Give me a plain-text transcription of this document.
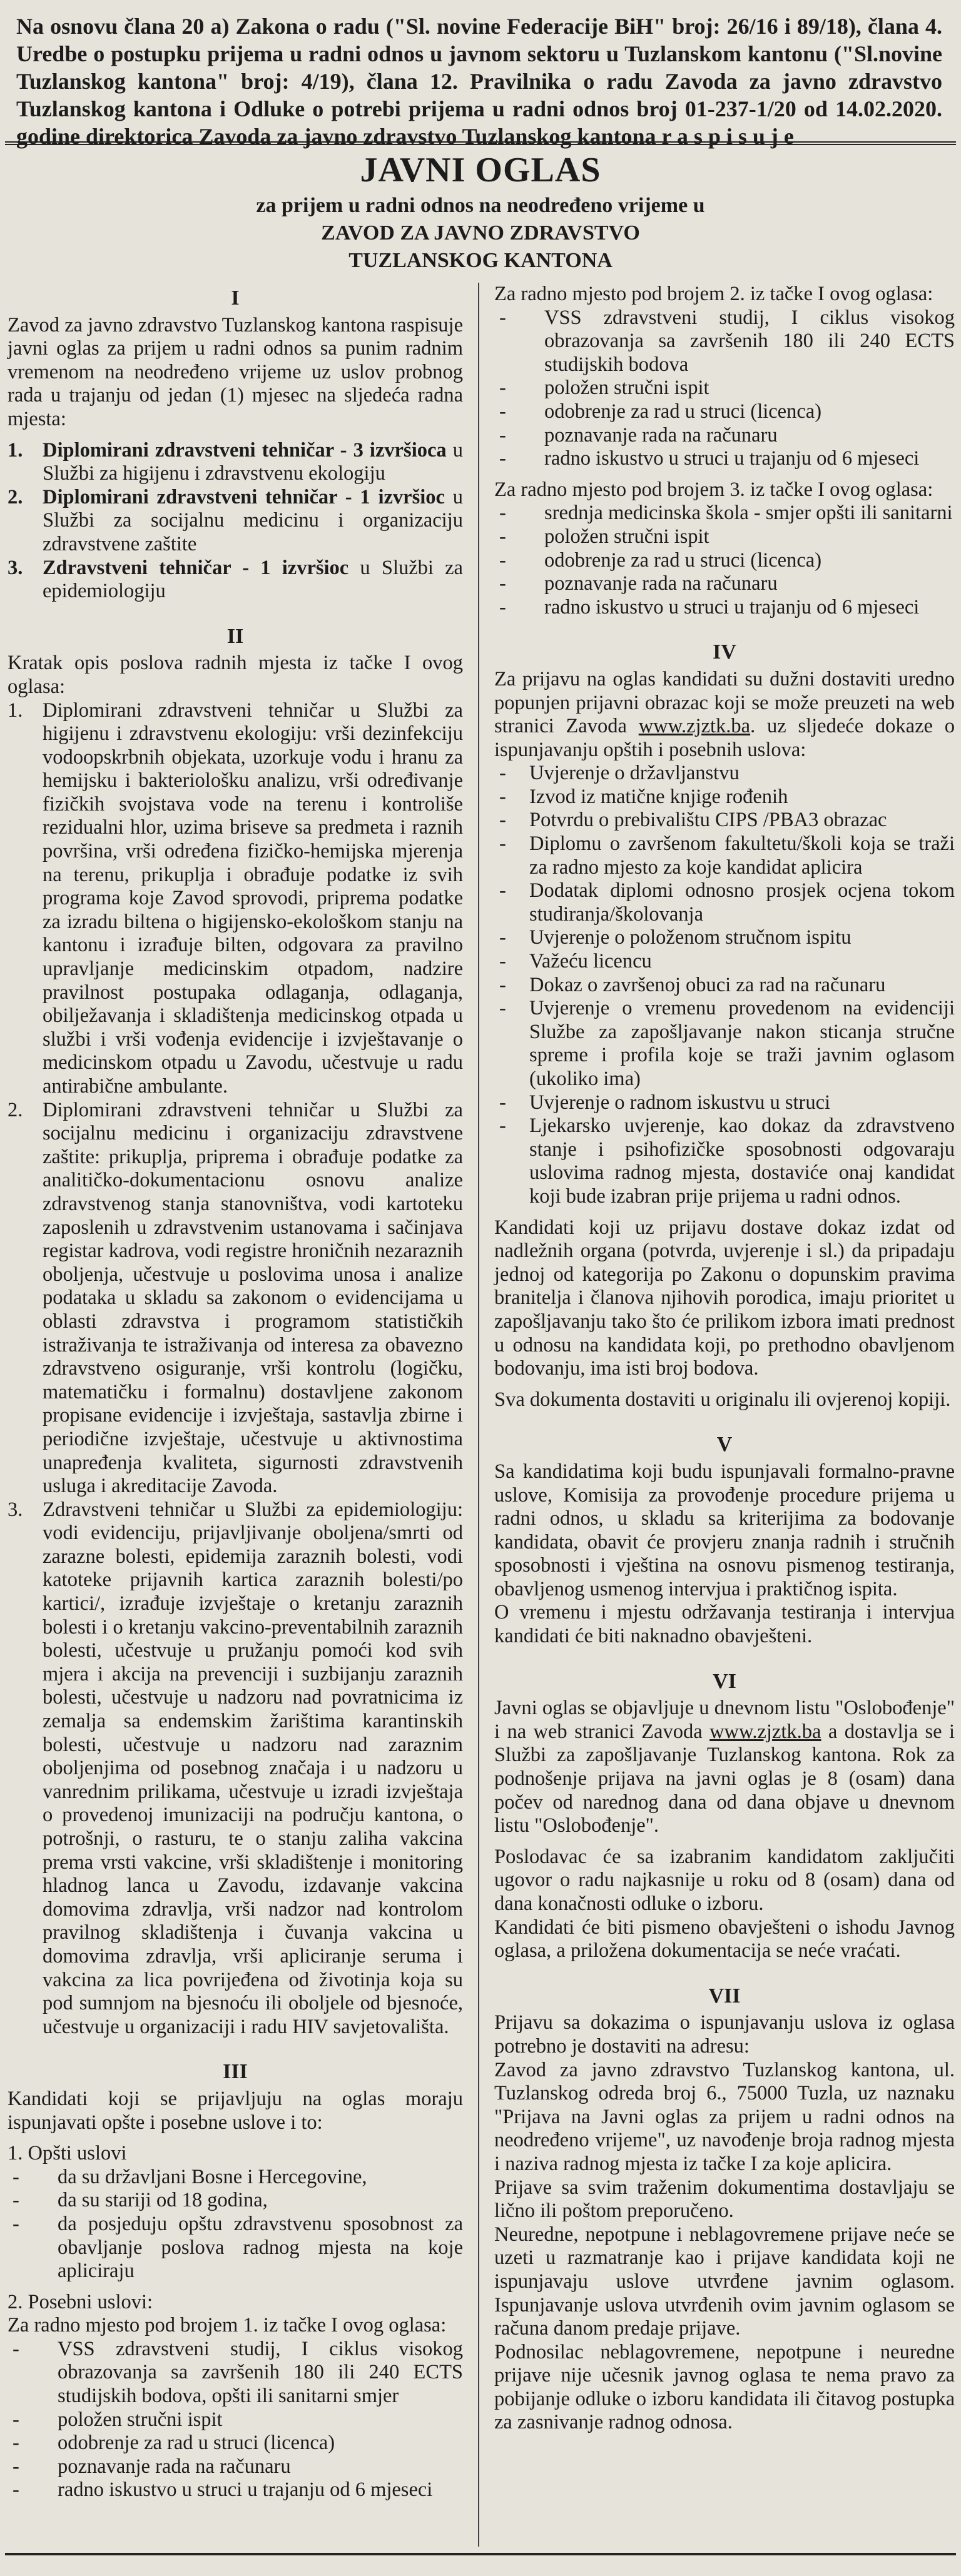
Na osnovu člana 20 a) Zakona o radu ("Sl. novine Federacije BiH" broj: 26/16 i 89/18), člana 4. Uredbe o postupku prijema u radni odnos u javnom sektoru u Tuzlanskom kantonu ("Sl.novine Tuzlanskog kantona" broj: 4/19), člana 12. Pravilnika o radu Zavoda za javno zdravstvo Tuzlanskog kantona i Odluke o potrebi prijema u radni odnos broj 01-237-1/20 od 14.02.2020. godine direktorica Zavoda za javno zdravstvo Tuzlanskog kantona r a s p i s u j e
JAVNI OGLAS

za prijem u radni odnos na neodređeno vrijeme u

ZAVOD ZA JAVNO ZDRAVSTVO

TUZLANSKOG KANTONA

I

Zavod za javno zdravstvo Tuzlanskog kantona raspisuje javni oglas za prijem u radni odnos sa punim radnim vremenom na neodređeno vrijeme uz uslov probnog rada u trajanju od jedan (1) mjesec na sljedeća radna mjesta:

1. Diplomirani zdravstveni tehničar - 3 izvršioca u Službi za higijenu i zdravstvenu ekologiju
2. Diplomirani zdravstveni tehničar - 1 izvršioc u Službi za socijalnu medicinu i organizaciju zdravstvene zaštite
3. Zdravstveni tehničar - 1 izvršioc u Službi za epidemiologiju
II

Kratak opis poslova radnih mjesta iz tačke I ovog oglasa:

1. Diplomirani zdravstveni tehničar u Službi za higijenu i zdravstvenu ekologiju: vrši dezinfekciju vodoopskrbnih objekata, uzorkuje vodu i hranu za hemijsku i bakteriološku analizu, vrši određivanje fizičkih svojstava vode na terenu i kontroliše rezidualni hlor, uzima briseve sa predmeta i raznih površina, vrši određena fizičko-hemijska mjerenja na terenu, prikuplja i obrađuje podatke iz svih programa koje Zavod sprovodi, priprema podatke za izradu biltena o higijensko-ekološkom stanju na kantonu i izrađuje bilten, odgovara za pravilno upravljanje medicinskim otpadom, nadzire pravilnost postupaka odlaganja, odlaganja, obilježavanja i skladištenja medicinskog otpada u službi i vrši vođenja evidencije i izvještavanje o medicinskom otpadu u Zavodu, učestvuje u radu antirabične ambulante.
2. Diplomirani zdravstveni tehničar u Službi za socijalnu medicinu i organizaciju zdravstvene zaštite: prikuplja, priprema i obrađuje podatke za analitičko-dokumentacionu osnovu analize zdravstvenog stanja stanovništva, vodi kartoteku zaposlenih u zdravstvenim ustanovama i sačinjava registar kadrova, vodi registre hroničnih nezaraznih oboljenja, učestvuje u poslovima unosa i analize podataka u skladu sa zakonom o evidencijama u oblasti zdravstva i programom statističkih istraživanja te istraživanja od interesa za obavezno zdravstveno osiguranje, vrši kontrolu (logičku, matematičku i formalnu) dostavljene zakonom propisane evidencije i izvještaja, sastavlja zbirne i periodične izvještaje, učestvuje u aktivnostima unapređenja kvaliteta, sigurnosti zdravstvenih usluga i akreditacije Zavoda.
3. Zdravstveni tehničar u Službi za epidemiologiju: vodi evidenciju, prijavljivanje oboljena/smrti od zarazne bolesti, epidemija zaraznih bolesti, vodi katoteke prijavnih kartica zaraznih bolesti/po kartici/, izrađuje izvještaje o kretanju zaraznih bolesti i o kretanju vakcino-preventabilnih zaraznih bolesti, učestvuje u pružanju pomoći kod svih mjera i akcija na prevenciji i suzbijanju zaraznih bolesti, učestvuje u nadzoru nad povratnicima iz zemalja sa endemskim žarištima karantinskih bolesti, učestvuje u nadzoru nad zaraznim oboljenjima od posebnog značaja i u nadzoru u vanrednim prilikama, učestvuje u izradi izvještaja o provedenoj imunizaciji na području kantona, o potrošnji, o rasturu, te o stanju zaliha vakcina prema vrsti vakcine, vrši skladištenje i monitoring hladnog lanca u Zavodu, izdavanje vakcina domovima zdravlja, vrši nadzor nad kontrolom pravilnog skladištenja i čuvanja vakcina u domovima zdravlja, vrši apliciranje seruma i vakcina za lica povrijeđena od životinja koja su pod sumnjom na bjesnoću ili oboljele od bjesnoće, učestvuje u organizaciji i radu HIV savjetovališta.
III

Kandidati koji se prijavljuju na oglas moraju ispunjavati opšte i posebne uslove i to:

1. Opšti uslovi

-	da su državljani Bosne i Hercegovine,
-	da su stariji od 18 godina,
-	da posjeduju opštu zdravstvenu sposobnost za obavljanje poslova radnog mjesta na koje apliciraju

2. Posebni uslovi:

Za radno mjesto pod brojem 1. iz tačke I ovog oglasa:

-	VSS zdravstveni studij, I ciklus visokog obrazovanja sa završenih 180 ili 240 ECTS studijskih bodova, opšti ili sanitarni smjer
-	položen stručni ispit
-	odobrenje za rad u struci (licenca)
-	poznavanje rada na računaru
-	radno iskustvo u struci u trajanju od 6 mjeseci

Za radno mjesto pod brojem 2. iz tačke I ovog oglasa:

-	VSS zdravstveni studij, I ciklus visokog obrazovanja sa završenih 180 ili 240 ECTS studijskih bodova
-	položen stručni ispit
-	odobrenje za rad u struci (licenca)
-	poznavanje rada na računaru
-	radno iskustvo u struci u trajanju od 6 mjeseci

Za radno mjesto pod brojem 3. iz tačke I ovog oglasa:

-	srednja medicinska škola - smjer opšti ili sanitarni
-	položen stručni ispit
-	odobrenje za rad u struci (licenca)
-	poznavanje rada na računaru
-	radno iskustvo u struci u trajanju od 6 mjeseci
IV

Za prijavu na oglas kandidati su dužni dostaviti uredno popunjen prijavni obrazac koji se može preuzeti na web stranici Zavoda www.zjztk.ba. uz sljedeće dokaze o ispunjavanju opštih i posebnih uslova:

-	Uvjerenje o državljanstvu
-	Izvod iz matične knjige rođenih
-	Potvrdu o prebivalištu CIPS /PBA3 obrazac
-	Diplomu o završenom fakultetu/školi koja se traži za radno mjesto za koje kandidat aplicira
-	Dodatak diplomi odnosno prosjek ocjena tokom studiranja/školovanja
-	Uvjerenje o položenom stručnom ispitu
-	Važeću licencu
-	Dokaz o završenoj obuci za rad na računaru
-	Uvjerenje o vremenu provedenom na evidenciji Službe za zapošljavanje nakon sticanja stručne spreme i profila koje se traži javnim oglasom (ukoliko ima)
-	Uvjerenje o radnom iskustvu u struci
-	Ljekarsko uvjerenje, kao dokaz da zdravstveno stanje i psihofizičke sposobnosti odgovaraju uslovima radnog mjesta, dostaviće onaj kandidat koji bude izabran prije prijema u radni odnos.

Kandidati koji uz prijavu dostave dokaz izdat od nadležnih organa (potvrda, uvjerenje i sl.) da pripadaju jednoj od kategorija po Zakonu o dopunskim pravima branitelja i članova njihovih porodica, imaju prioritet u zapošljavanju tako što će prilikom izbora imati prednost u odnosu na kandidata koji, po prethodno obavljenom bodovanju, ima isti broj bodova.

Sva dokumenta dostaviti u originalu ili ovjerenoj kopiji.

V

Sa kandidatima koji budu ispunjavali formalno-pravne uslove, Komisija za provođenje procedure prijema u radni odnos, u skladu sa kriterijima za bodovanje kandidata, obavit će provjeru znanja radnih i stručnih sposobnosti i vještina na osnovu pismenog testiranja, obavljenog usmenog intervjua i praktičnog ispita.

O vremenu i mjestu održavanja testiranja i intervjua kandidati će biti naknadno obavješteni.

VI

Javni oglas se objavljuje u dnevnom listu "Oslobođenje" i na web stranici Zavoda www.zjztk.ba a dostavlja se i Službi za zapošljavanje Tuzlanskog kantona. Rok za podnošenje prijava na javni oglas je 8 (osam) dana počev od narednog dana od dana objave u dnevnom listu "Oslobođenje".

Poslodavac će sa izabranim kandidatom zaključiti ugovor o radu najkasnije u roku od 8 (osam) dana od dana konačnosti odluke o izboru.

Kandidati će biti pismeno obavješteni o ishodu Javnog oglasa, a priložena dokumentacija se neće vraćati.

VII

Prijavu sa dokazima o ispunjavanju uslova iz oglasa potrebno je dostaviti na adresu:

Zavod za javno zdravstvo Tuzlanskog kantona, ul. Tuzlanskog odreda broj 6., 75000 Tuzla, uz naznaku "Prijava na Javni oglas za prijem u radni odnos na neodređeno vrijeme", uz navođenje broja radnog mjesta i naziva radnog mjesta iz tačke I za koje aplicira.

Prijave sa svim traženim dokumentima dostavljaju se lično ili poštom preporučeno.

Neuredne, nepotpune i neblagovremene prijave neće se uzeti u razmatranje kao i prijave kandidata koji ne ispunjavaju uslove utvrđene javnim oglasom. Ispunjavanje uslova utvrđenih ovim javnim oglasom se računa danom predaje prijave.

Podnosilac neblagovremene, nepotpune i neuredne prijave nije učesnik javnog oglasa te nema pravo za pobijanje odluke o izboru kandidata ili čitavog postupka za zasnivanje radnog odnosa.
